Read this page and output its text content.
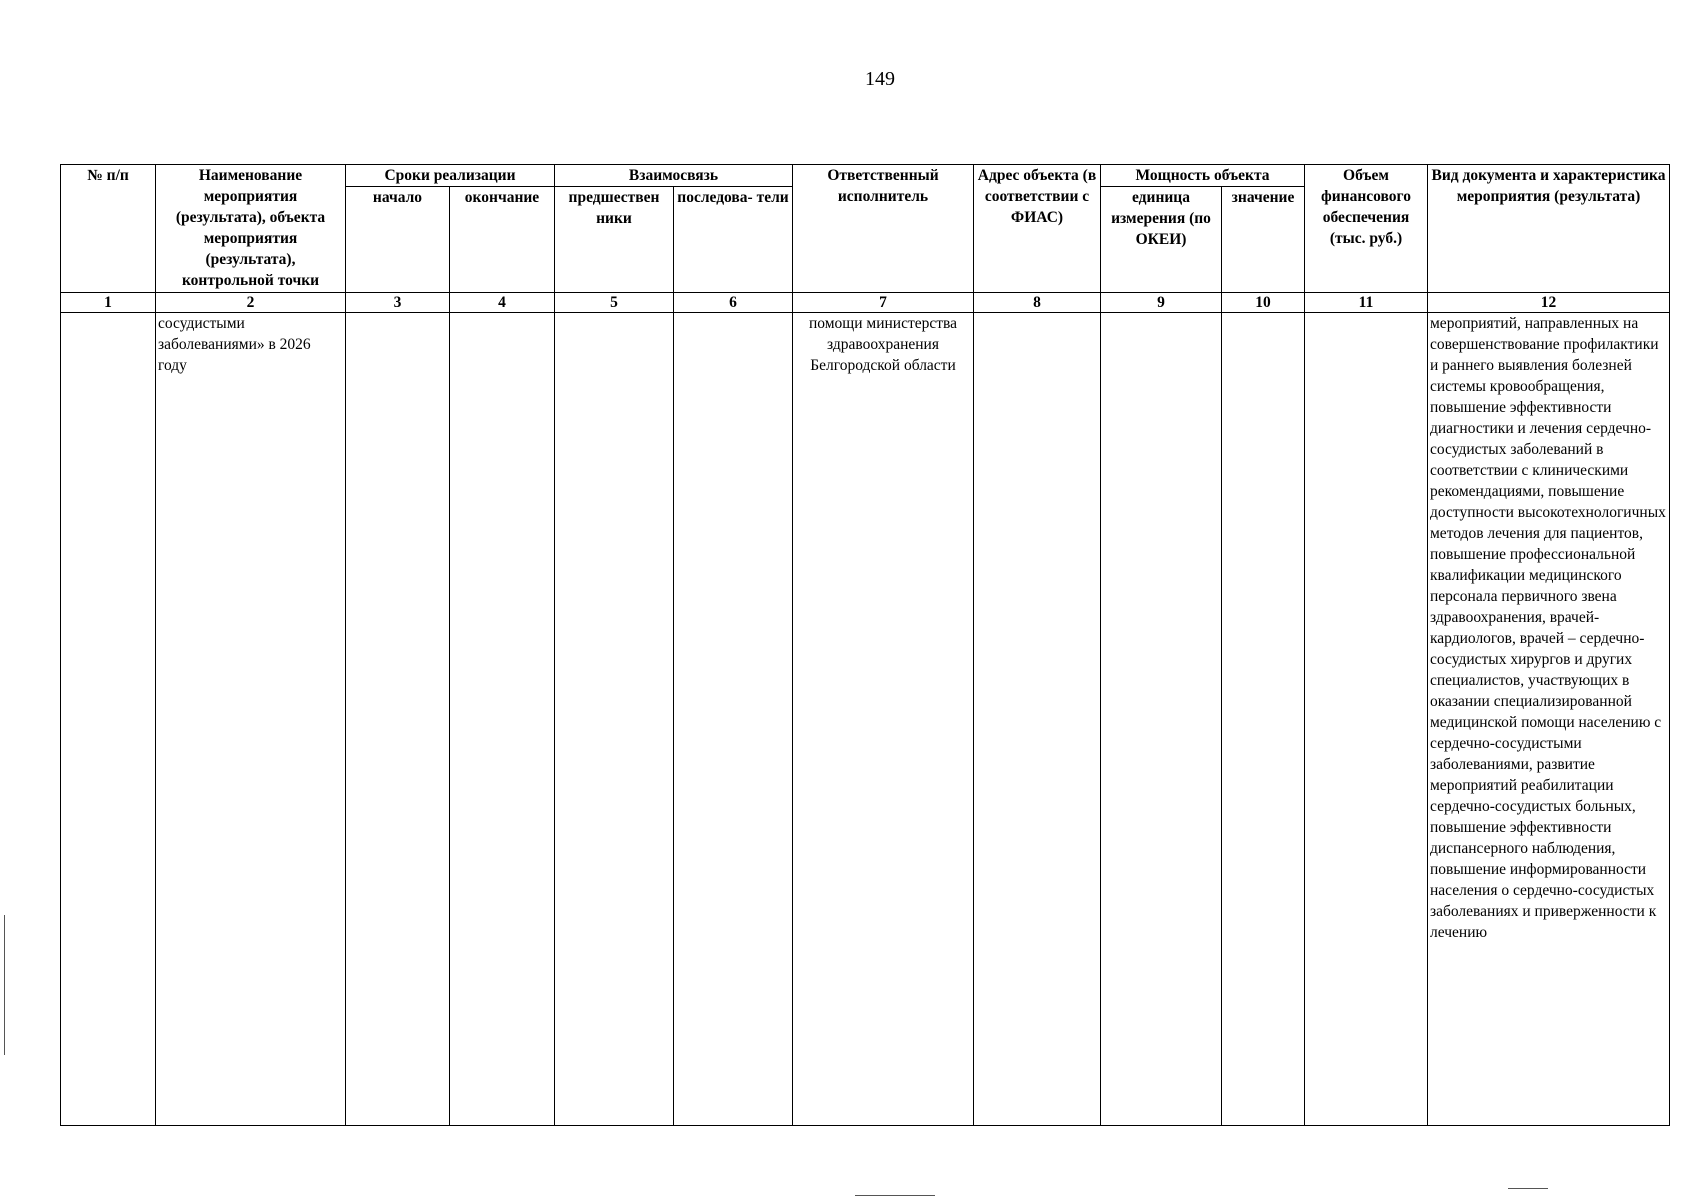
149
№ п/п	Наименование мероприятия (результата), объекта мероприятия (результата), контрольной точки	Сроки реализации		Взаимосвязь		Ответственный исполнитель	Адрес объекта (в соответствии с ФИАС)	Мощность объекта		Объем финансового обеспечения (тыс. руб.)	Вид документа и характеристика мероприятия (результата)
		начало	окончание	предшествен ники	последова- тели			единица измерения (по ОКЕИ)	значение		
1	2	3	4	5	6	7	8	9	10	11	12
	сосудистыми заболеваниями» в 2026 году					помощи министерства здравоохранения Белгородской области					мероприятий, направленных на совершенствование профилактики и раннего выявления болезней системы кровообращения, повышение эффективности диагностики и лечения сердечно-сосудистых заболеваний в соответствии с клиническими рекомендациями, повышение доступности высокотехнологичных методов лечения для пациентов, повышение профессиональной квалификации медицинского персонала первичного звена здравоохранения, врачей-кардиологов, врачей – сердечно-сосудистых хирургов и других специалистов, участвующих в оказании специализированной медицинской помощи населению с сердечно-сосудистыми заболеваниями, развитие мероприятий реабилитации сердечно-сосудистых больных, повышение эффективности диспансерного наблюдения, повышение информированности населения о сердечно-сосудистых заболеваниях и приверженности к лечению
